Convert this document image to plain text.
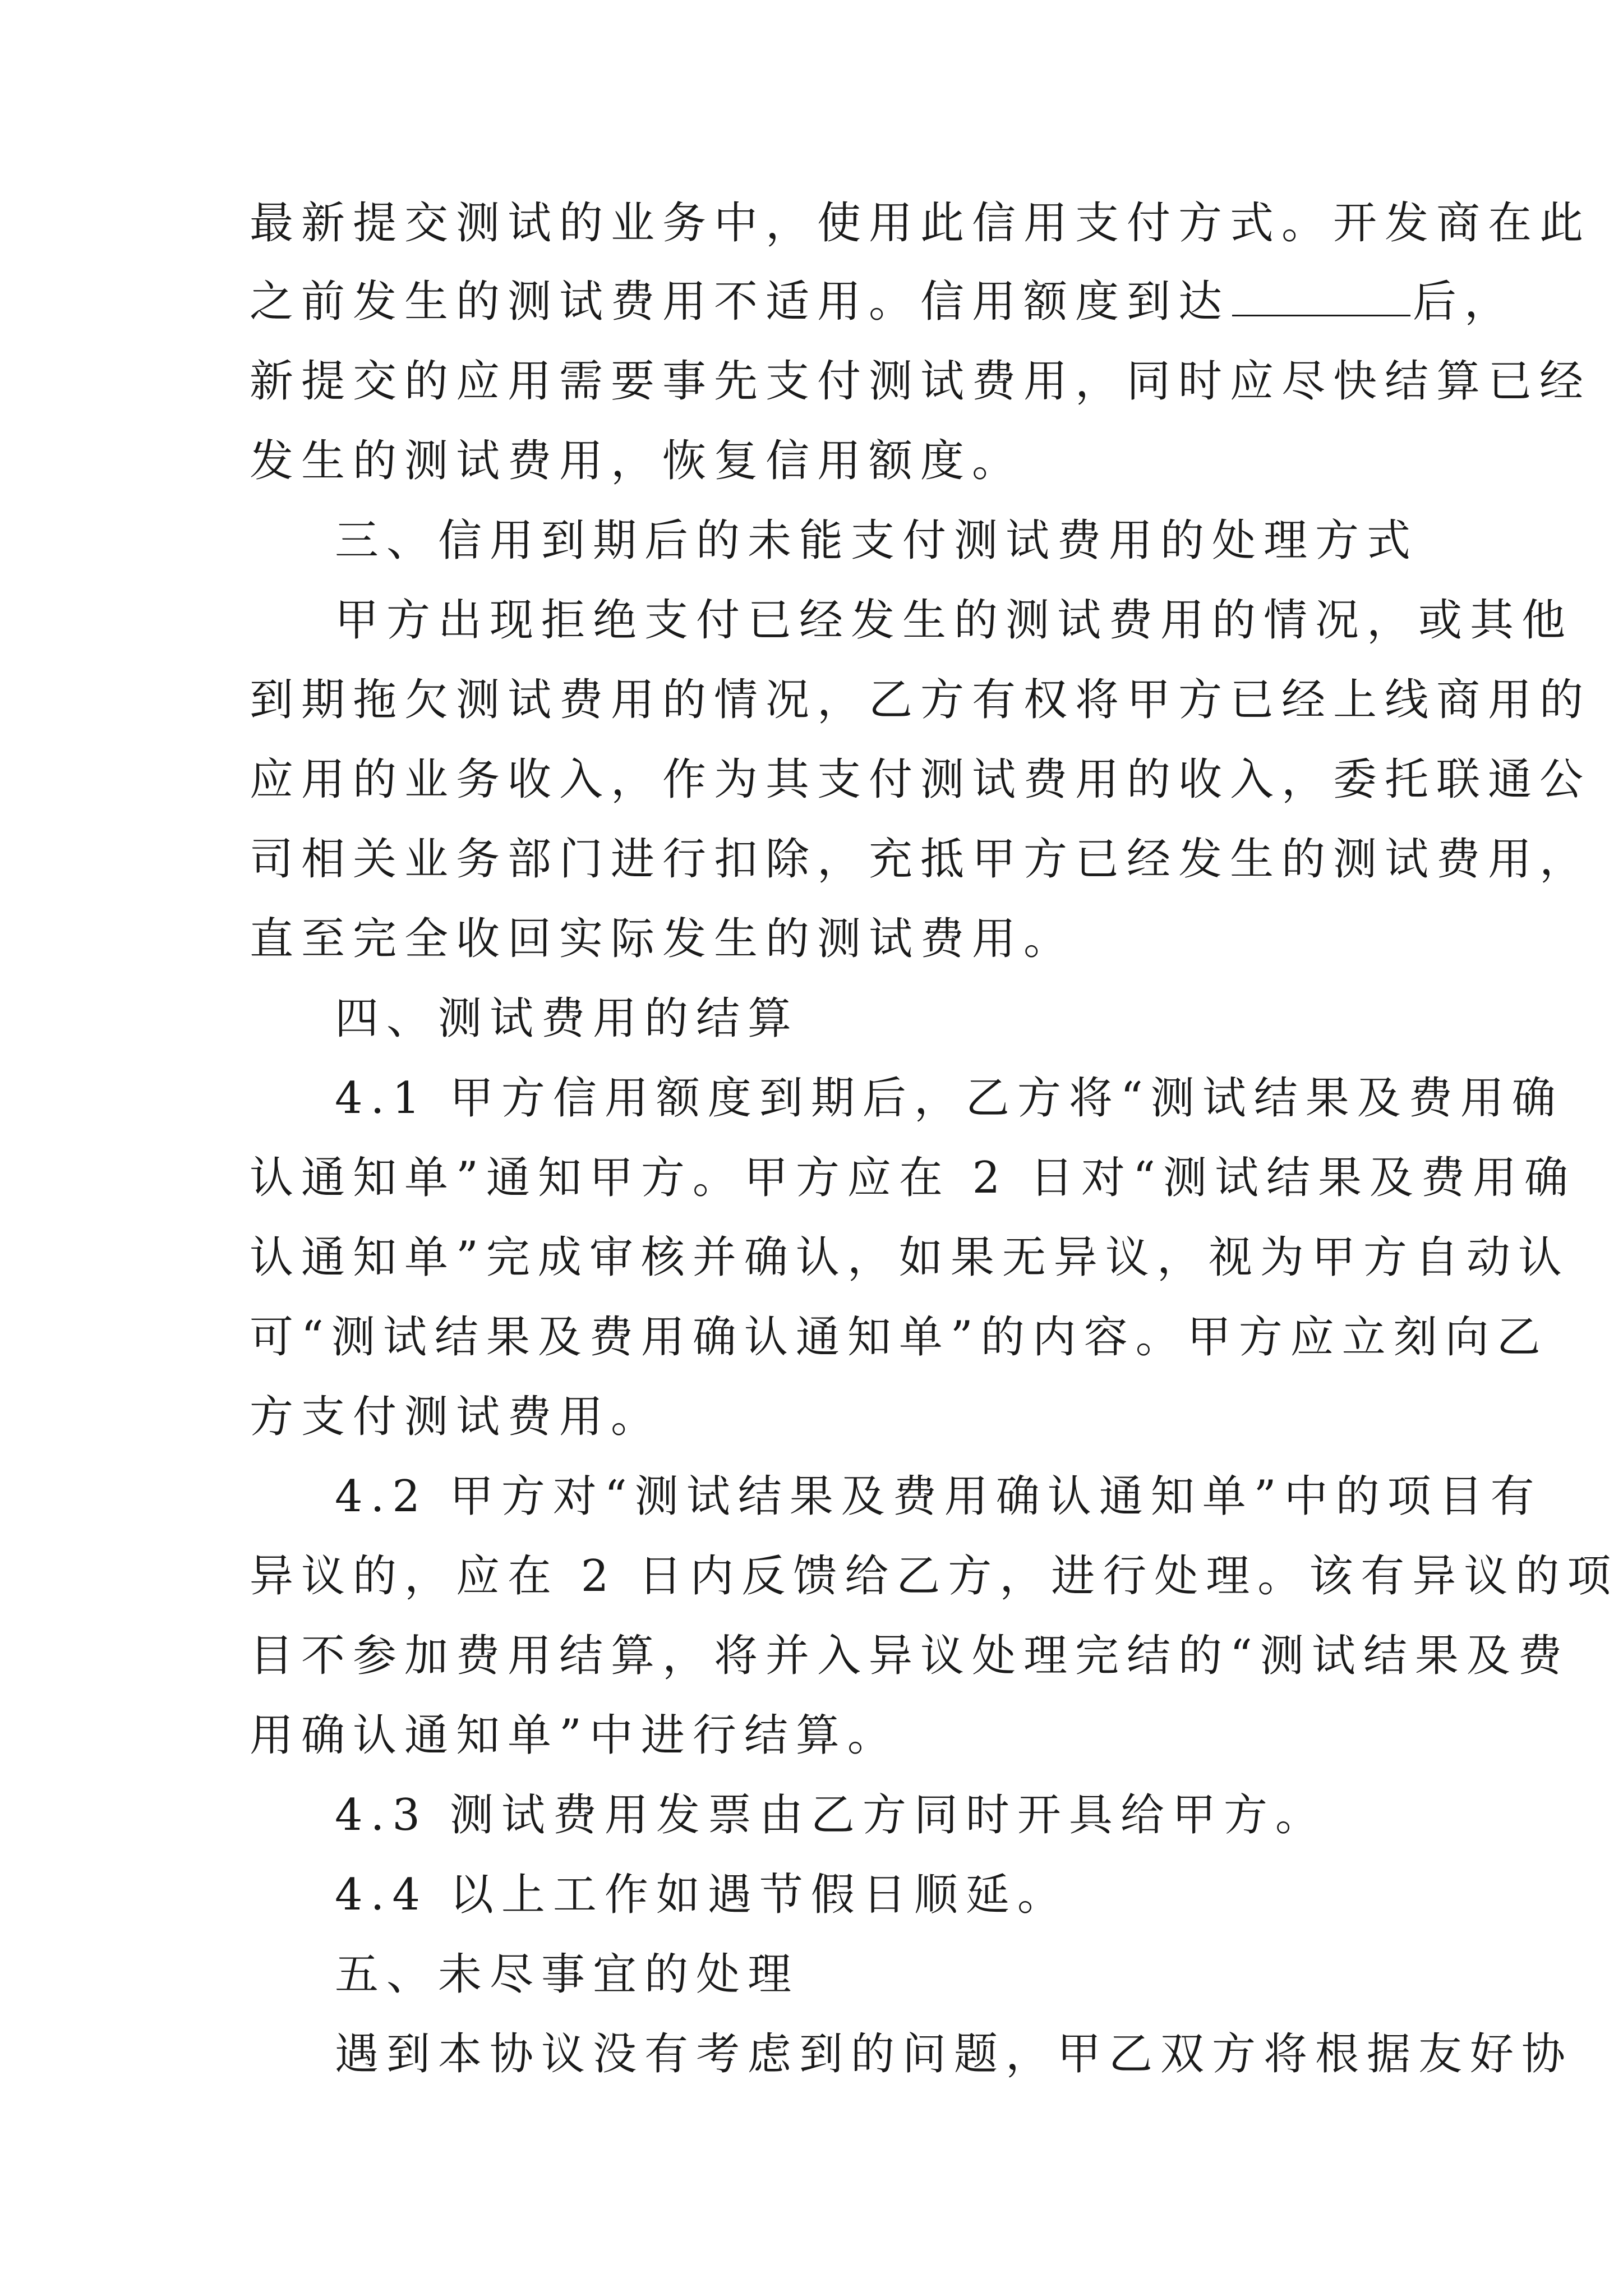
最新提交测试的业务中，使用此信用支付方式。开发商在此
之前发生的测试费用不适用。信用额度到达	后，
新提交的应用需要事先支付测试费用，同时应尽快结算已经
发生的测试费用，恢复信用额度。
三、信用到期后的未能支付测试费用的处理方式
甲方出现拒绝支付已经发生的测试费用的情况，或其他
到期拖欠测试费用的情况，乙方有权将甲方已经上线商用的
应用的业务收入，作为其支付测试费用的收入，委托联通公
司相关业务部门进行扣除，充抵甲方已经发生的测试费用，
直至完全收回实际发生的测试费用。
四、测试费用的结算
4.1 甲方信用额度到期后，乙方将“测试结果及费用确
认通知单”通知甲方。甲方应在 2 日对“测试结果及费用确
认通知单”完成审核并确认，如果无异议，视为甲方自动认
可“测试结果及费用确认通知单”的内容。甲方应立刻向乙
方支付测试费用。
4.2 甲方对“测试结果及费用确认通知单”中的项目有
异议的，应在 2 日内反馈给乙方，进行处理。该有异议的项
目不参加费用结算，将并入异议处理完结的“测试结果及费
用确认通知单”中进行结算。
4.3 测试费用发票由乙方同时开具给甲方。
4.4 以上工作如遇节假日顺延。
五、未尽事宜的处理
遇到本协议没有考虑到的问题，甲乙双方将根据友好协
